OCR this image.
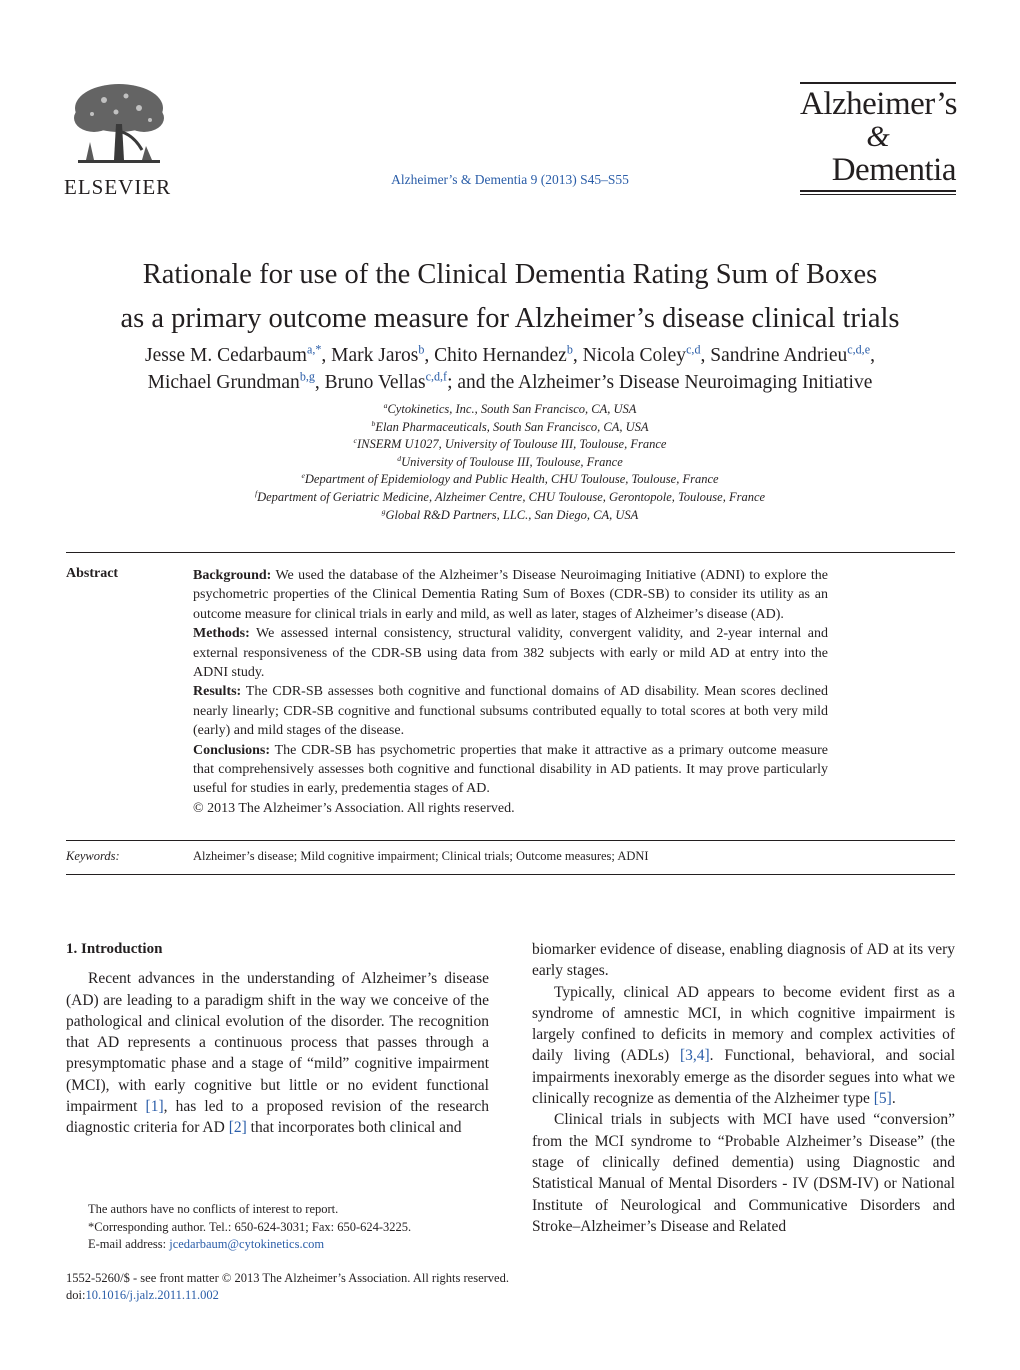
ELSEVIER	Alzheimer’s & Dementia 9 (2013) S45–S55
Alzheimer’s
&
Dementia
Rationale for use of the Clinical Dementia Rating Sum of Boxes
as a primary outcome measure for Alzheimer’s disease clinical trials
Jesse M. Cedarbaum$^{a,*}$, Mark Jaros$^b$, Chito Hernandez$^b$, Nicola Coley$^{c,d}$, Sandrine Andrieu$^{c,d,e}$,
Michael Grundman$^{b,g}$, Bruno Vellas$^{c,d,f}$; and the Alzheimer’s Disease Neuroimaging Initiative
$^a$Cytokinetics, Inc., South San Francisco, CA, USA
$^b$Elan Pharmaceuticals, South San Francisco, CA, USA
$^c$INSERM U1027, University of Toulouse III, Toulouse, France
$^d$University of Toulouse III, Toulouse, France
$^e$Department of Epidemiology and Public Health, CHU Toulouse, Toulouse, France
$^f$Department of Geriatric Medicine, Alzheimer Centre, CHU Toulouse, Gerontopole, Toulouse, France
$^g$Global R&D Partners, LLC., San Diego, CA, USA
Abstract	Background: We used the database of the Alzheimer’s Disease Neuroimaging Initiative (ADNI) to explore the psychometric properties of the Clinical Dementia Rating Sum of Boxes (CDR-SB) to consider its utility as an outcome measure for clinical trials in early and mild, as well as later, stages of Alzheimer’s disease (AD).
Methods: We assessed internal consistency, structural validity, convergent validity, and 2-year internal and external responsiveness of the CDR-SB using data from 382 subjects with early or mild AD at entry into the ADNI study.
Results: The CDR-SB assesses both cognitive and functional domains of AD disability. Mean scores declined nearly linearly; CDR-SB cognitive and functional subsums contributed equally to total scores at both very mild (early) and mild stages of the disease.
Conclusions: The CDR-SB has psychometric properties that make it attractive as a primary outcome measure that comprehensively assesses both cognitive and functional disability in AD patients. It may prove particularly useful for studies in early, predementia stages of AD.
© 2013 The Alzheimer’s Association. All rights reserved.
Keywords:	Alzheimer’s disease; Mild cognitive impairment; Clinical trials; Outcome measures; ADNI
1. Introduction

Recent advances in the understanding of Alzheimer’s disease (AD) are leading to a paradigm shift in the way we conceive of the pathological and clinical evolution of the disorder. The recognition that AD represents a continuous process that passes through a presymptomatic phase and a stage of “mild” cognitive impairment (MCI), with early cognitive but little or no evident functional impairment [1], has led to a proposed revision of the research diagnostic criteria for AD [2] that incorporates both clinical and

biomarker evidence of disease, enabling diagnosis of AD at its very early stages.

Typically, clinical AD appears to become evident first as a syndrome of amnestic MCI, in which cognitive impairment is largely confined to deficits in memory and complex activities of daily living (ADLs) [3,4]. Functional, behavioral, and social impairments inexorably emerge as the disorder segues into what we clinically recognize as dementia of the Alzheimer type [5].

Clinical trials in subjects with MCI have used “conversion” from the MCI syndrome to “Probable Alzheimer’s Disease” (the stage of clinically defined dementia) using Diagnostic and Statistical Manual of Mental Disorders - IV (DSM-IV) or National Institute of Neurological and Communicative Disorders and Stroke–Alzheimer’s Disease and Related

The authors have no conflicts of interest to report.
*Corresponding author. Tel.: 650-624-3031; Fax: 650-624-3225.
E-mail address: jcedarbaum@cytokinetics.com
1552-5260/$ - see front matter © 2013 The Alzheimer’s Association. All rights reserved.
doi:10.1016/j.jalz.2011.11.002
